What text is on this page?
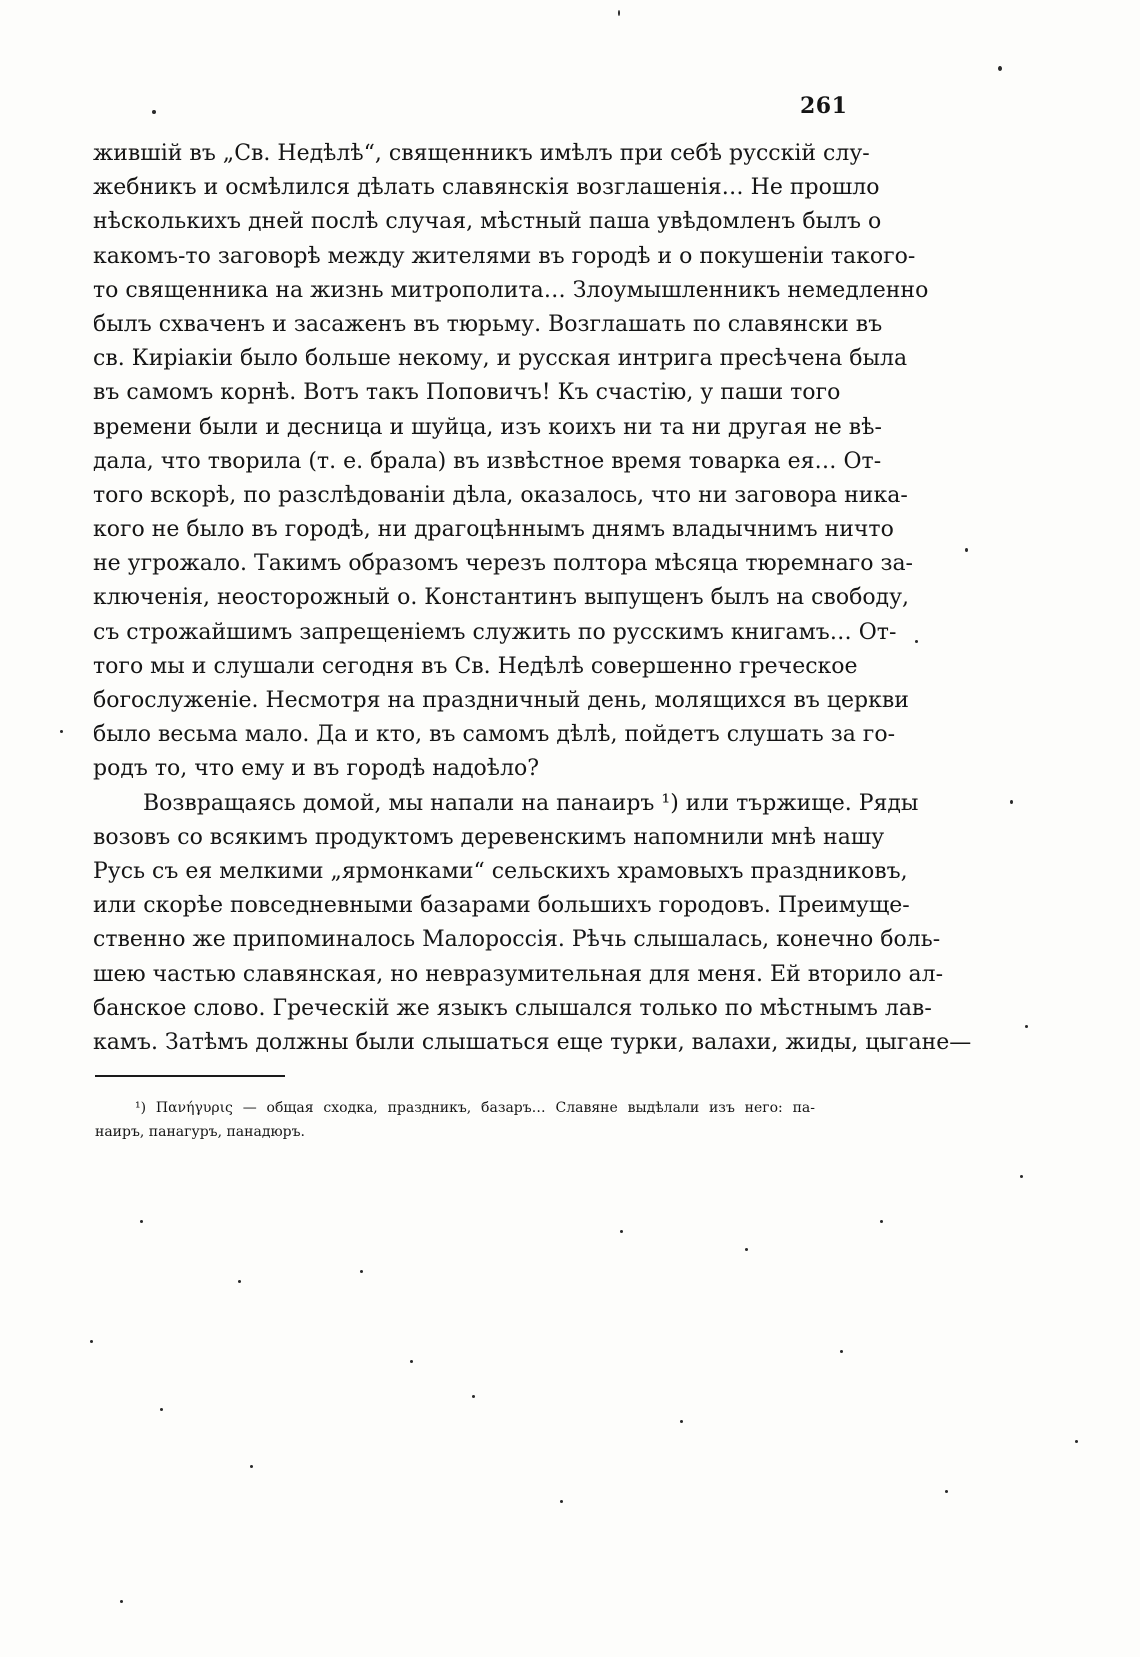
261
жившій въ „Св. Недѣлѣ“, священникъ имѣлъ при себѣ русскій слу-
жебникъ и осмѣлился дѣлать славянскія возглашенія… Не прошло
нѣсколькихъ дней послѣ случая, мѣстный паша увѣдомленъ былъ о
какомъ-то заговорѣ между жителями въ городѣ и о покушеніи такого-
то священника на жизнь митрополита… Злоумышленникъ немедленно
былъ схваченъ и засаженъ въ тюрьму. Возглашать по славянски въ
св. Киріакіи было больше некому, и русская интрига пресѣчена была
въ самомъ корнѣ. Вотъ такъ Поповичъ! Къ счастію, у паши того
времени были и десница и шуйца, изъ коихъ ни та ни другая не вѣ-
дала, что творила (т. е. брала) въ извѣстное время товарка ея… От-
того вскорѣ, по разслѣдованіи дѣла, оказалось, что ни заговора ника-
кого не было въ городѣ, ни драгоцѣннымъ днямъ владычнимъ ничто
не угрожало. Такимъ образомъ черезъ полтора мѣсяца тюремнаго за-
ключенія, неосторожный о. Константинъ выпущенъ былъ на свободу,
съ строжайшимъ запрещеніемъ служить по русскимъ книгамъ… От-
того мы и слушали сегодня въ Св. Недѣлѣ совершенно греческое
богослуженіе. Несмотря на праздничный день, молящихся въ церкви
было весьма мало. Да и кто, въ самомъ дѣлѣ, пойдетъ слушать за го-
родъ то, что ему и въ городѣ надоѣло?
Возвращаясь домой, мы напали на панаиръ ¹) или тържище. Ряды
возовъ со всякимъ продуктомъ деревенскимъ напомнили мнѣ нашу
Русь съ ея мелкими „ярмонками“ сельскихъ храмовыхъ праздниковъ,
или скорѣе повседневными базарами большихъ городовъ. Преимуще-
ственно же припоминалось Малороссія. Рѣчь слышалась, конечно боль-
шею частью славянская, но невразумительная для меня. Ей вторило ал-
банское слово. Греческій же языкъ слышался только по мѣстнымъ лав-
камъ. Затѣмъ должны были слышаться еще турки, валахи, жиды, цыгане—
¹) Πανήγυρις — общая сходка, праздникъ, базаръ… Славяне выдѣлали изъ него: па-
наиръ, панагуръ, панадюръ.
